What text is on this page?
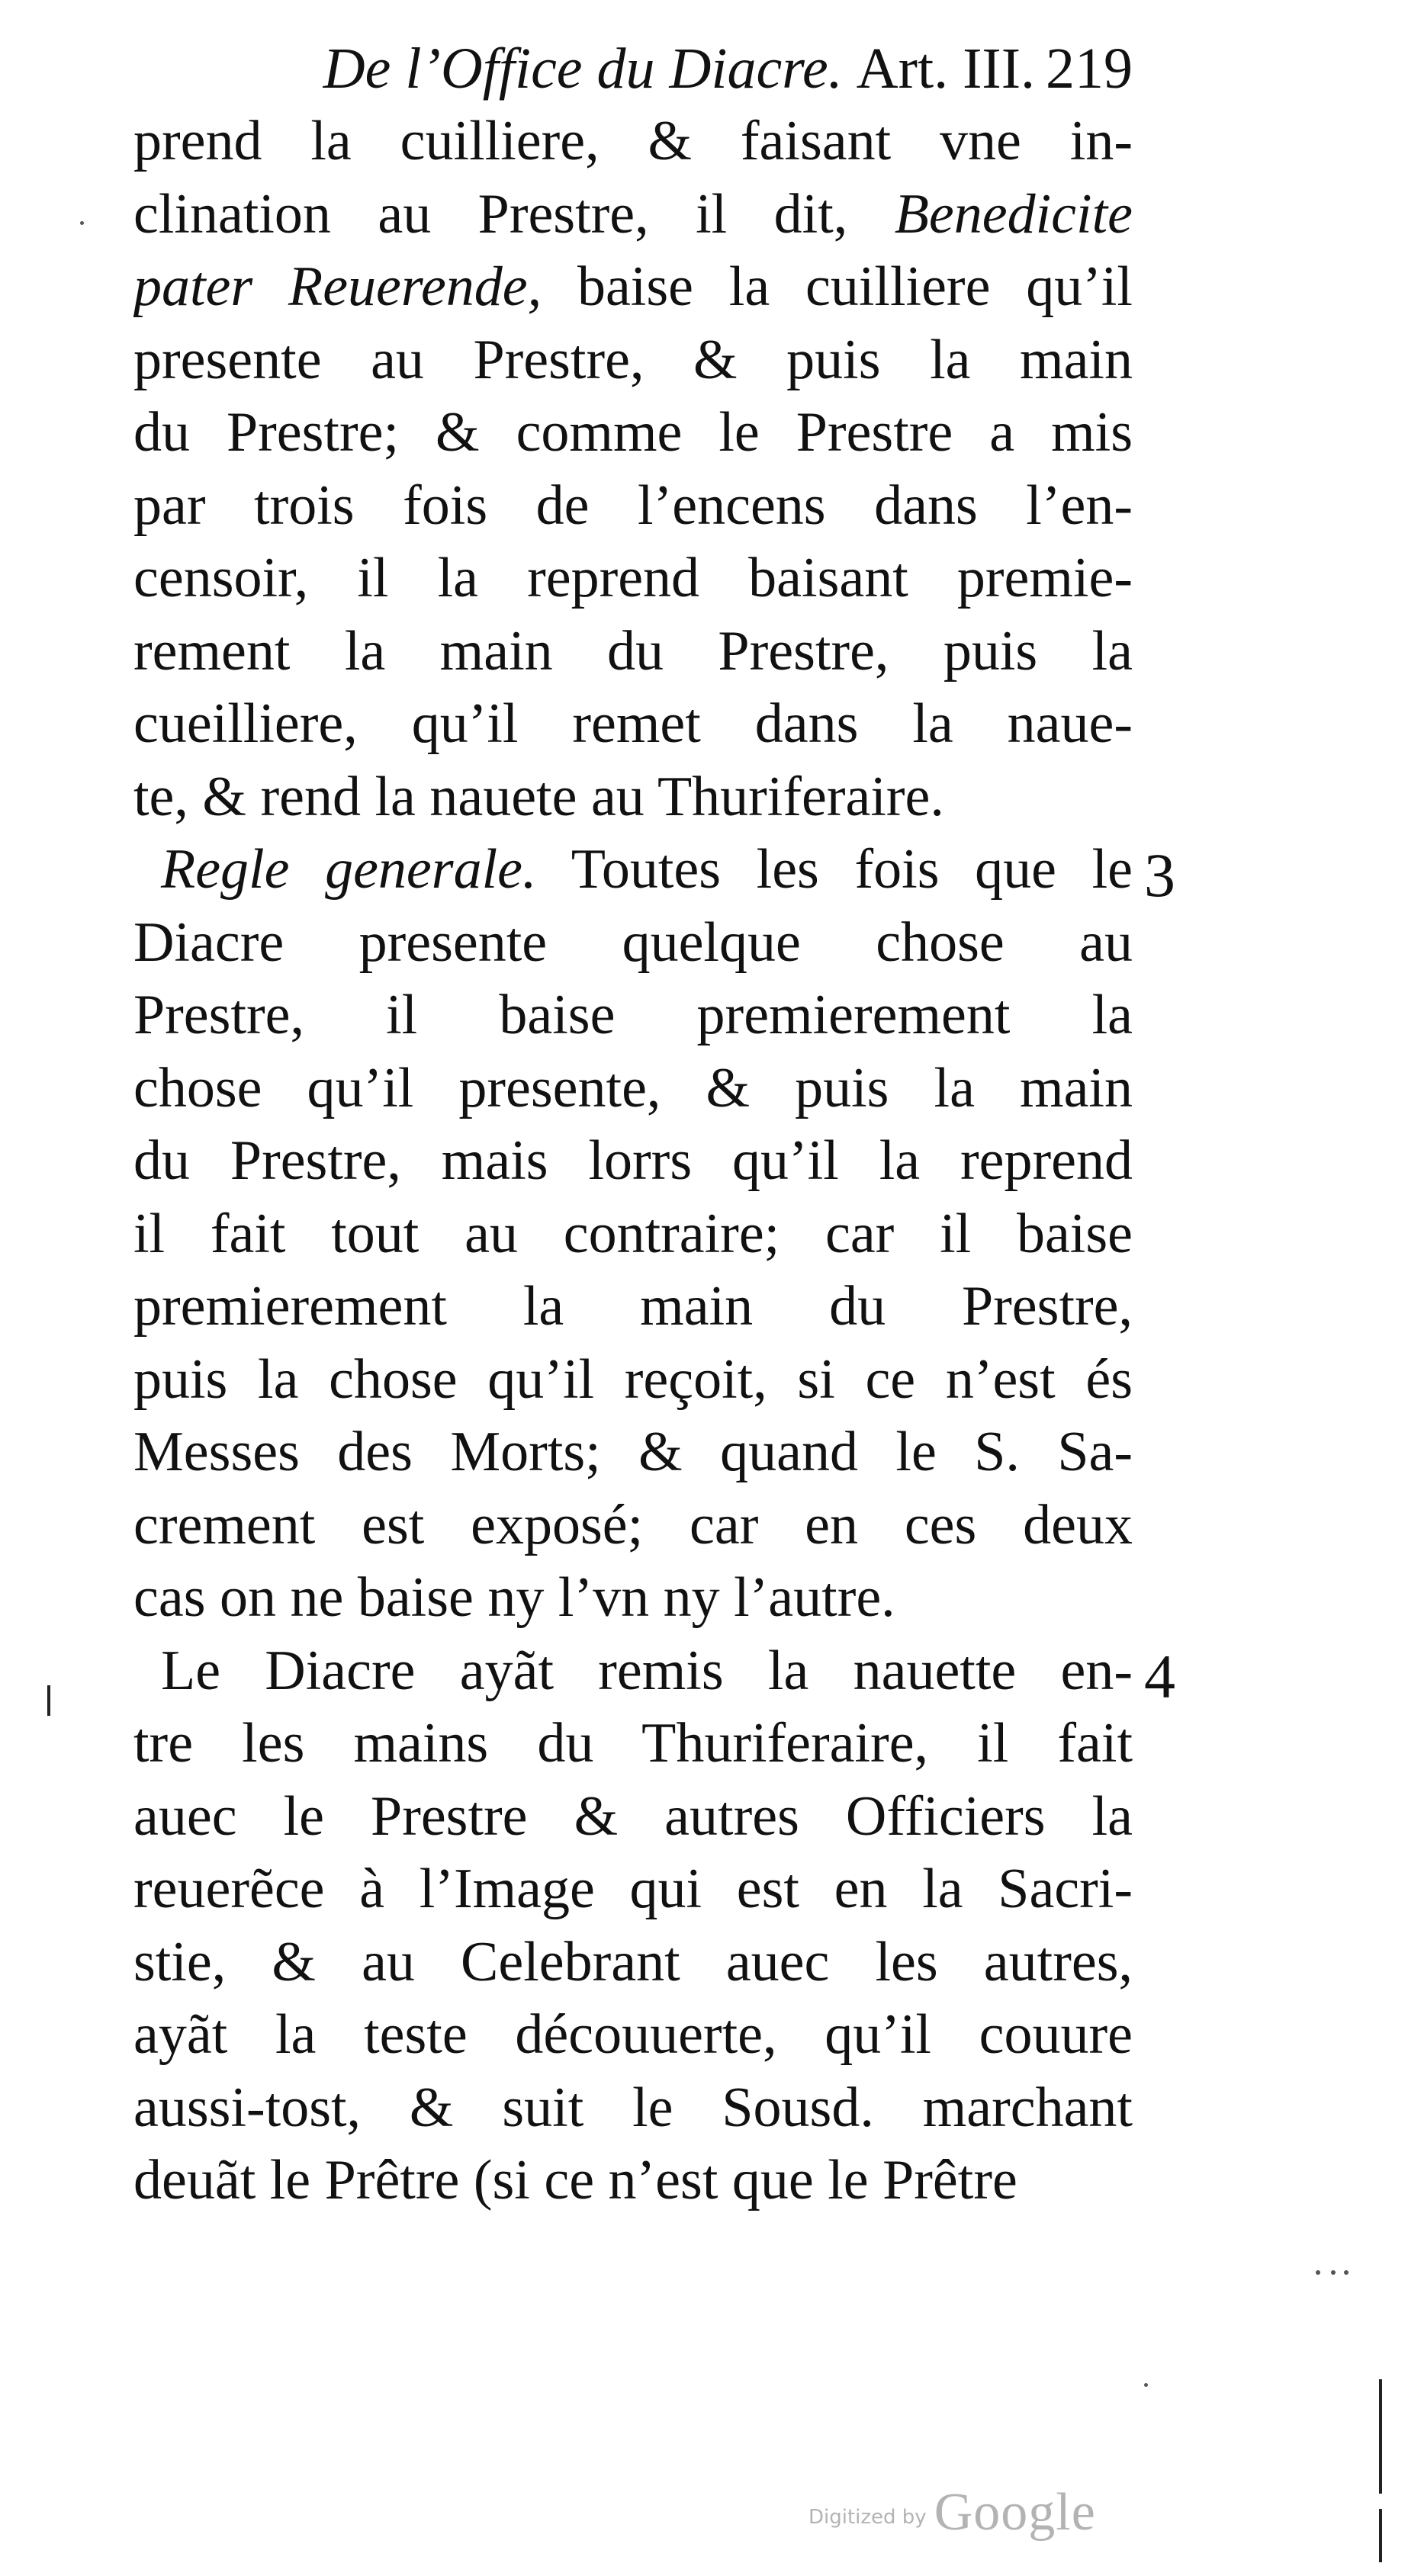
De l’Office du Diacre. Art. III. 219
prend la cuilliere, & faisant vne in-
clination au Prestre, il dit, Benedicite
pater Reuerende, baise la cuilliere qu’il
presente au Prestre, & puis la main
du Prestre; & comme le Prestre a mis
par trois fois de l’encens dans l’en-
censoir, il la reprend baisant premie-
rement la main du Prestre, puis la
cueilliere, qu’il remet dans la naue-
te, & rend la nauete au Thuriferaire.
Regle generale. Toutes les fois que le
Diacre presente quelque chose au
Prestre, il baise premierement la
chose qu’il presente, & puis la main
du Prestre, mais lorrs qu’il la reprend
il fait tout au contraire; car il baise
premierement la main du Prestre,
puis la chose qu’il reçoit, si ce n’est és
Messes des Morts; & quand le S. Sa-
crement est exposé; car en ces deux
cas on ne baise ny l’vn ny l’autre.
Le Diacre ayãt remis la nauette en-
tre les mains du Thuriferaire, il fait
auec le Prestre & autres Officiers la
reuerẽce à l’Image qui est en la Sacri-
stie, & au Celebrant auec les autres,
ayãt la teste découuerte, qu’il couure
aussi-tost, & suit le Sousd. marchant
deuãt le Prêtre (si ce n’est que le Prêtre
3
4
Digitized by Google
